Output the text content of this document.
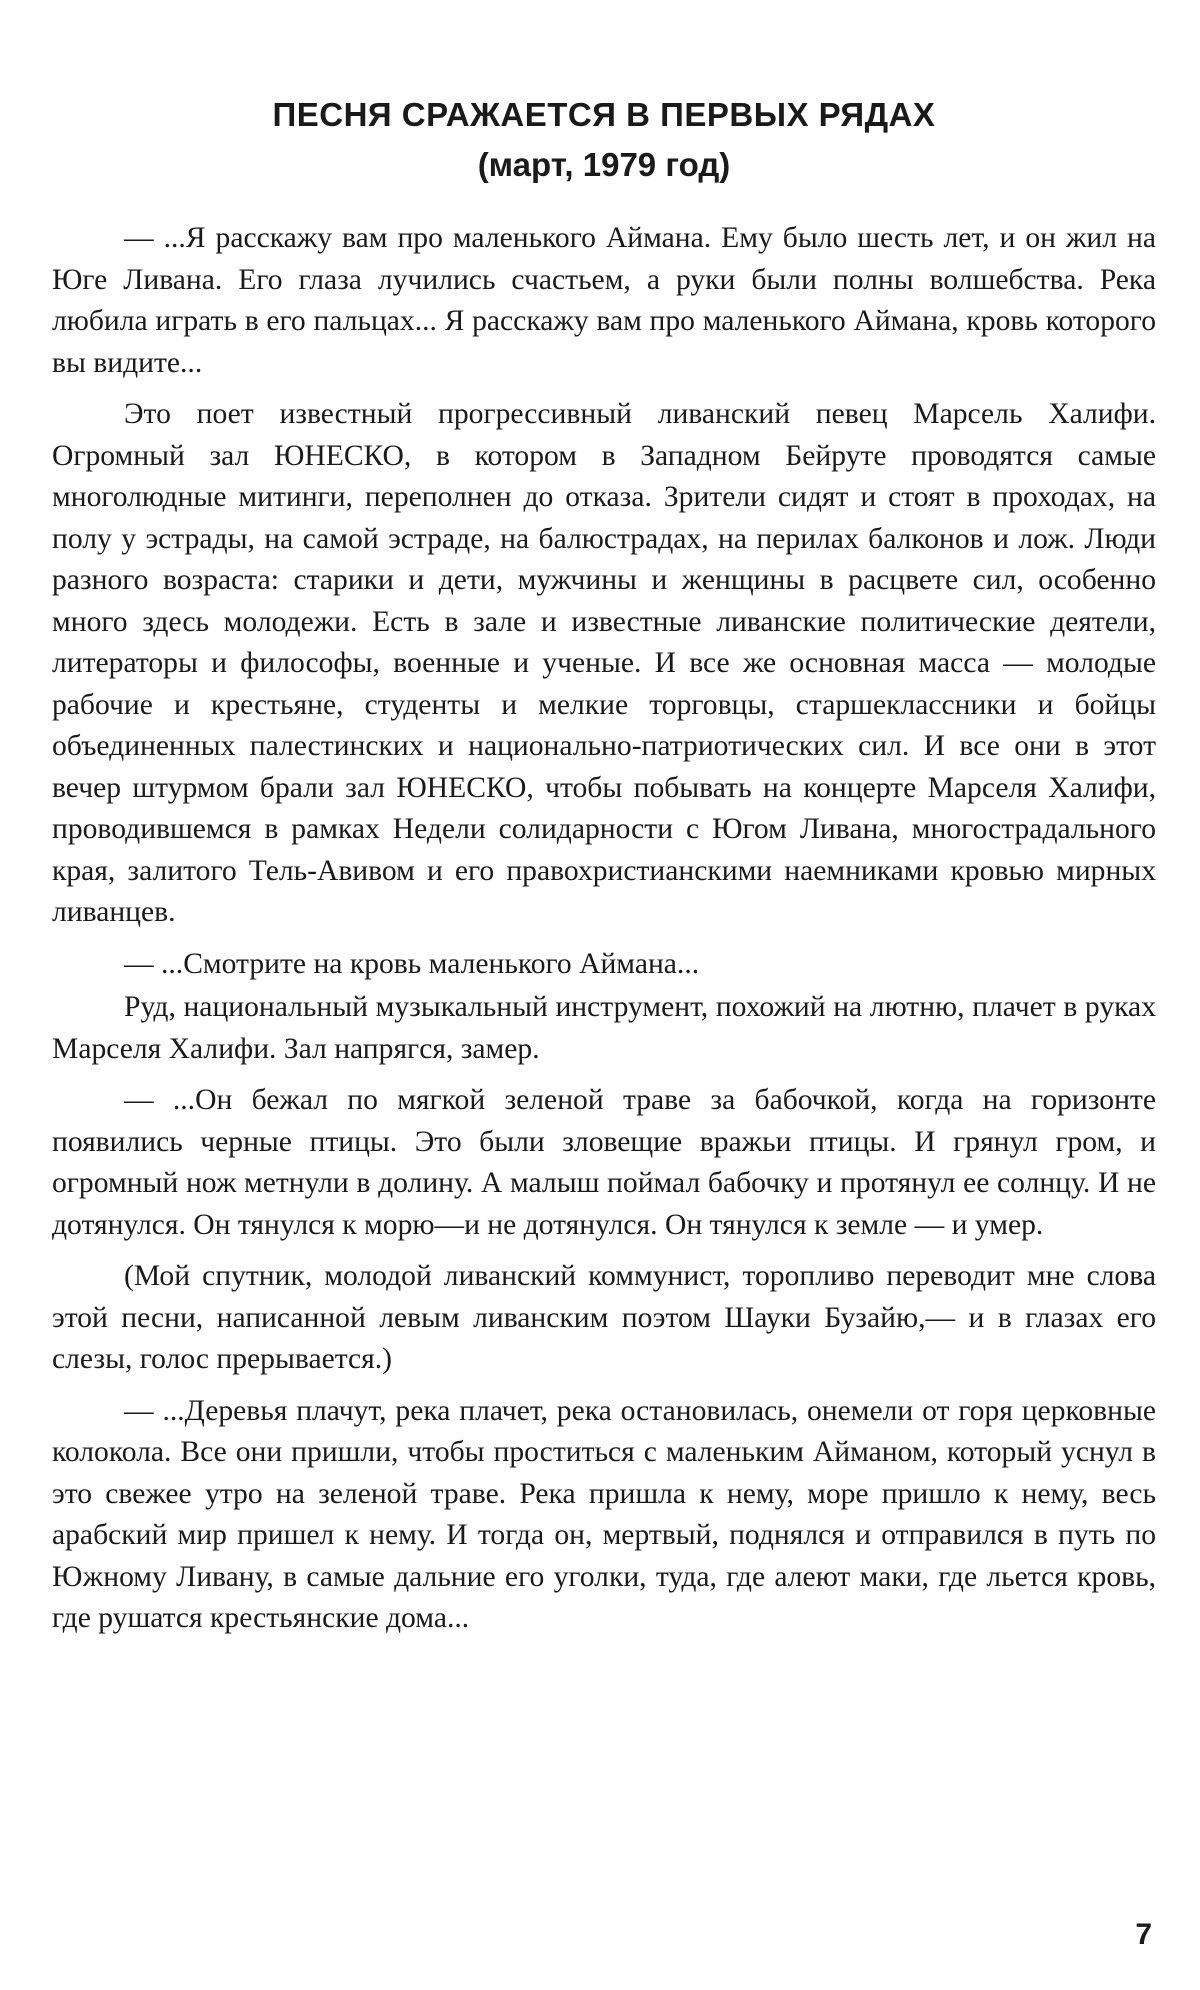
ПЕСНЯ СРАЖАЕТСЯ В ПЕРВЫХ РЯДАХ
(март, 1979 год)

— ...Я расскажу вам про маленького Аймана. Ему было шесть лет, и он жил на Юге Ливана. Его глаза лучились счастьем, а руки были полны волшебства. Река любила играть в его пальцах... Я расскажу вам про маленького Аймана, кровь которого вы видите...

Это поет известный прогрессивный ливанский певец Марсель Халифи. Огромный зал ЮНЕСКО, в котором в Западном Бейруте проводятся самые многолюдные митинги, переполнен до отказа. Зрители сидят и стоят в проходах, на полу у эстрады, на самой эстраде, на балюстрадах, на перилах балконов и лож. Люди разного возраста: старики и дети, мужчины и женщины в расцвете сил, особенно много здесь молодежи. Есть в зале и известные ливанские политические деятели, литераторы и философы, военные и ученые. И все же основная масса — молодые рабочие и крестьяне, студенты и мелкие торговцы, старшеклассники и бойцы объединенных палестинских и национально-патриотических сил. И все они в этот вечер штурмом брали зал ЮНЕСКО, чтобы побывать на концерте Марселя Халифи, проводившемся в рамках Недели солидарности с Югом Ливана, многострадального края, залитого Тель-Авивом и его правохристианскими наемниками кровью мирных ливанцев.

— ...Смотрите на кровь маленького Аймана...

Руд, национальный музыкальный инструмент, похожий на лютню, плачет в руках Марселя Халифи. Зал напрягся, замер.

— ...Он бежал по мягкой зеленой траве за бабочкой, когда на горизонте появились черные птицы. Это были зловещие вражьи птицы. И грянул гром, и огромный нож метнули в долину. А малыш поймал бабочку и протянул ее солнцу. И не дотянулся. Он тянулся к морю—и не дотянулся. Он тянулся к земле — и умер.

(Мой спутник, молодой ливанский коммунист, торопливо переводит мне слова этой песни, написанной левым ливанским поэтом Шауки Бузайю,— и в глазах его слезы, голос прерывается.)

— ...Деревья плачут, река плачет, река остановилась, онемели от горя церковные колокола. Все они пришли, чтобы проститься с маленьким Айманом, который уснул в это свежее утро на зеленой траве. Река пришла к нему, море пришло к нему, весь арабский мир пришел к нему. И тогда он, мертвый, поднялся и отправился в путь по Южному Ливану, в самые дальние его уголки, туда, где алеют маки, где льется кровь, где рушатся крестьянские дома...

7
